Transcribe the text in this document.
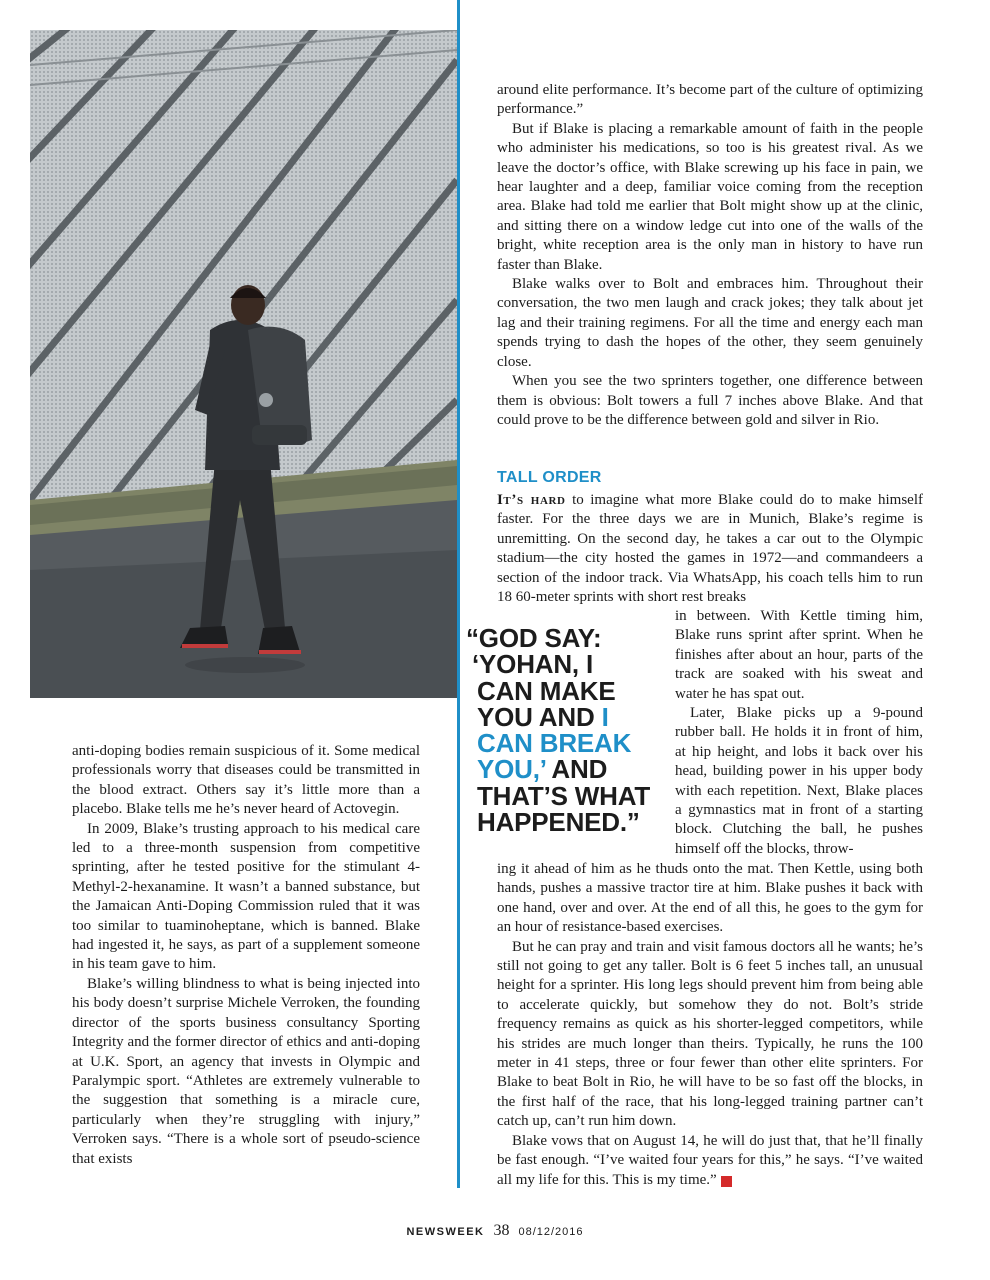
anti-doping bodies remain suspicious of it. Some medical professionals worry that diseases could be transmitted in the blood extract. Others say it’s little more than a placebo. Blake tells me he’s never heard of Actovegin.

In 2009, Blake’s trusting approach to his medical care led to a three-month suspension from competitive sprinting, after he tested positive for the stimulant 4-Methyl-2-hexanamine. It wasn’t a banned substance, but the Jamaican Anti-Doping Commission ruled that it was too similar to tuaminoheptane, which is banned. Blake had ingested it, he says, as part of a supplement someone in his team gave to him.

Blake’s willing blindness to what is being injected into his body doesn’t surprise Michele Verroken, the founding director of the sports business consultancy Sporting Integrity and the former director of ethics and anti-doping at U.K. Sport, an agency that invests in Olympic and Paralympic sport. “Athletes are extremely vulnerable to the suggestion that something is a miracle cure, particularly when they’re struggling with injury,” Verroken says. “There is a whole sort of pseudo-science that exists

around elite performance. It’s become part of the culture of optimizing performance.”

But if Blake is placing a remarkable amount of faith in the people who administer his medications, so too is his greatest rival. As we leave the doctor’s office, with Blake screwing up his face in pain, we hear laughter and a deep, familiar voice coming from the reception area. Blake had told me earlier that Bolt might show up at the clinic, and sitting there on a window ledge cut into one of the walls of the bright, white reception area is the only man in history to have run faster than Blake.

Blake walks over to Bolt and embraces him. Throughout their conversation, the two men laugh and crack jokes; they talk about jet lag and their training regimens. For all the time and energy each man spends trying to dash the hopes of the other, they seem genuinely close.

When you see the two sprinters together, one difference between them is obvious: Bolt towers a full 7 inches above Blake. And that could prove to be the difference between gold and silver in Rio.

TALL ORDER

It’s hard to imagine what more Blake could do to make himself faster. For the three days we are in Munich, Blake’s regime is unremitting. On the second day, he takes a car out to the Olympic stadium—the city hosted the games in 1972—and commandeers a section of the indoor track. Via WhatsApp, his coach tells him to run 18 60-meter sprints with short rest breaks

in between. With Kettle timing him, Blake runs sprint after sprint. When he finishes after about an hour, parts of the track are soaked with his sweat and water he has spat out.

Later, Blake picks up a 9-pound rubber ball. He holds it in front of him, at hip height, and lobs it back over his head, building power in his upper body with each repetition. Next, Blake places a gymnastics mat in front of a starting block. Clutching the ball, he pushes himself off the blocks, throw-

“GOD SAY:
‘YOHAN, I
CAN MAKE
YOU AND I
CAN BREAK
YOU,’ AND
THAT’S WHAT
HAPPENED.”

ing it ahead of him as he thuds onto the mat. Then Kettle, using both hands, pushes a massive tractor tire at him. Blake pushes it back with one hand, over and over. At the end of all this, he goes to the gym for an hour of resistance-based exercises.

But he can pray and train and visit famous doctors all he wants; he’s still not going to get any taller. Bolt is 6 feet 5 inches tall, an unusual height for a sprinter. His long legs should prevent him from being able to accelerate quickly, but somehow they do not. Bolt’s stride frequency remains as quick as his shorter-legged competitors, while his strides are much longer than theirs. Typically, he runs the 100 meter in 41 steps, three or four fewer than other elite sprinters. For Blake to beat Bolt in Rio, he will have to be so fast off the blocks, in the first half of the race, that his long-legged training partner can’t catch up, can’t run him down.

Blake vows that on August 14, he will do just that, that he’ll finally be fast enough. “I’ve waited four years for this,” he says. “I’ve waited all my life for this. This is my time.” N

NEWSWEEK 38 08/12/2016
